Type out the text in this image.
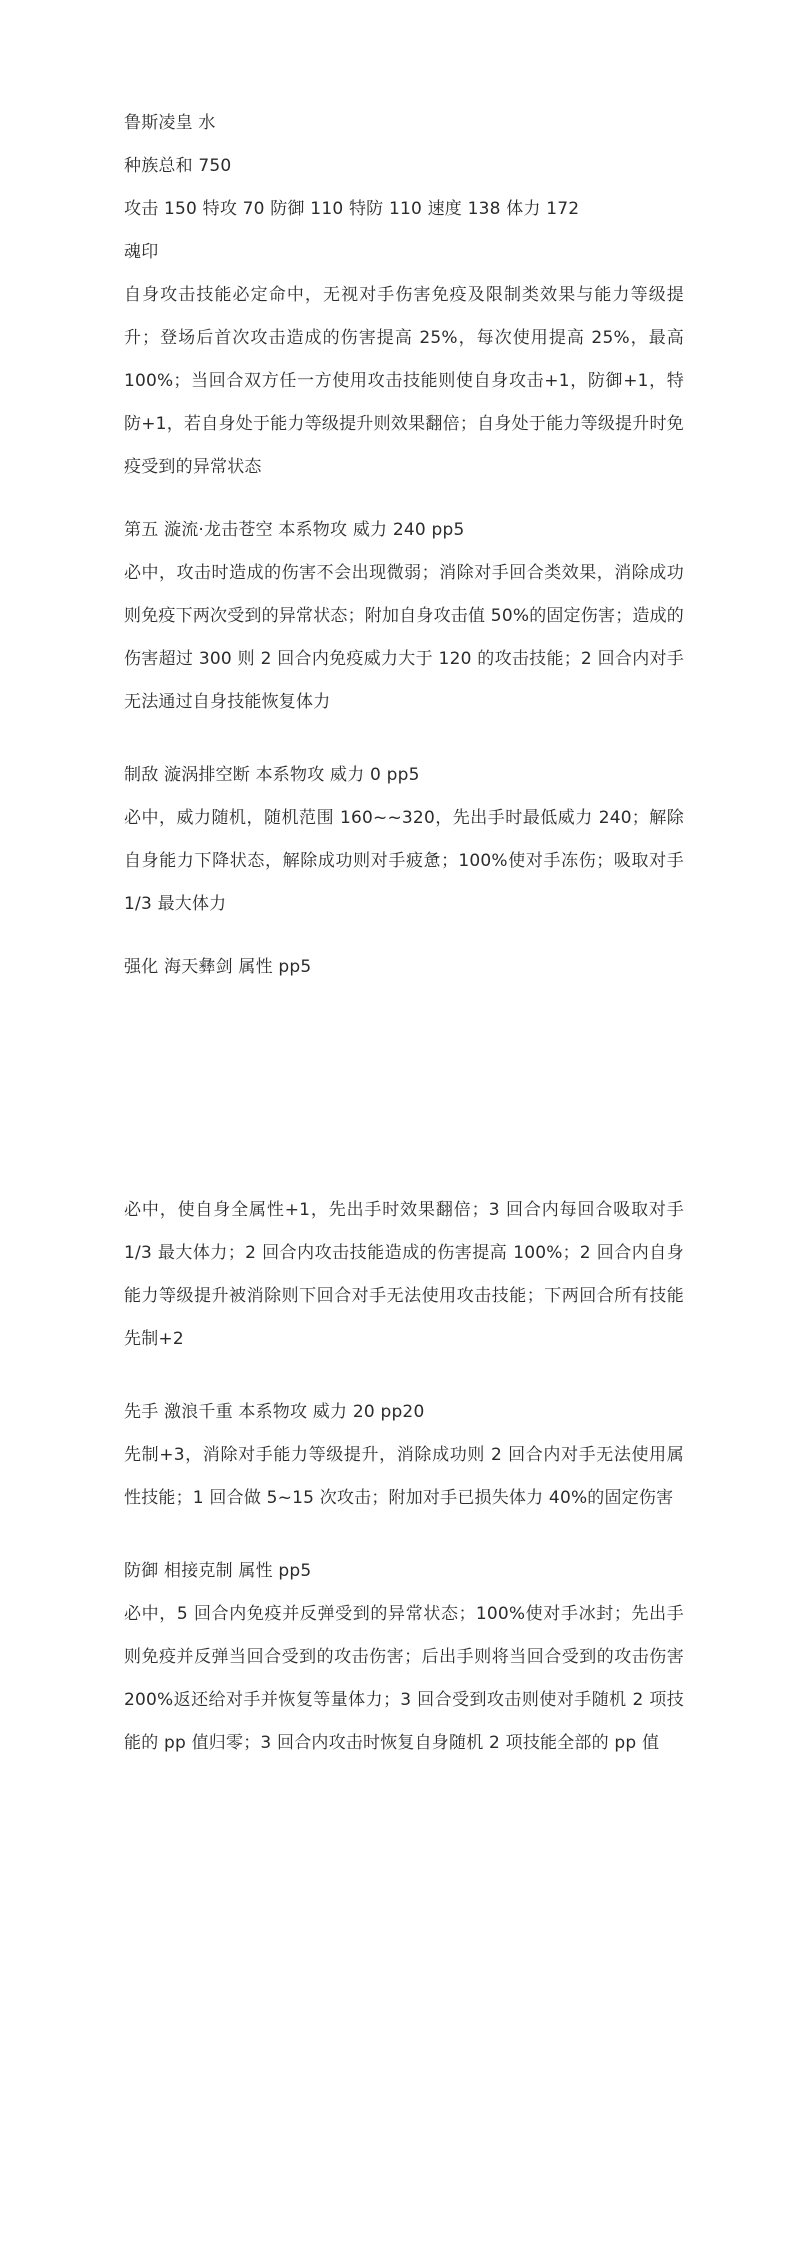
鲁斯凌皇 水
种族总和 750
攻击 150 特攻 70 防御 110 特防 110 速度 138 体力 172
魂印

自身攻击技能必定命中，无视对手伤害免疫及限制类效果与能力等级提升；登场后首次攻击造成的伤害提高 25%，每次使用提高 25%，最高 100%；当回合双方任一方使用攻击技能则使自身攻击+1，防御+1，特防+1，若自身处于能力等级提升则效果翻倍；自身处于能力等级提升时免疫受到的异常状态

第五 漩流·龙击苍空 本系物攻 威力 240 pp5

必中，攻击时造成的伤害不会出现微弱；消除对手回合类效果，消除成功则免疫下两次受到的异常状态；附加自身攻击值 50%的固定伤害；造成的伤害超过 300 则 2 回合内免疫威力大于 120 的攻击技能；2 回合内对手无法通过自身技能恢复体力

制敌 漩涡排空断 本系物攻 威力 0 pp5

必中，威力随机，随机范围 160~~320，先出手时最低威力 240；解除自身能力下降状态，解除成功则对手疲惫；100%使对手冻伤；吸取对手 1/3 最大体力

强化 海天彝剑 属性 pp5

必中，使自身全属性+1，先出手时效果翻倍；3 回合内每回合吸取对手 1/3 最大体力；2 回合内攻击技能造成的伤害提高 100%；2 回合内自身能力等级提升被消除则下回合对手无法使用攻击技能；下两回合所有技能先制+2

先手 激浪千重 本系物攻 威力 20 pp20

先制+3，消除对手能力等级提升，消除成功则 2 回合内对手无法使用属性技能；1 回合做 5~15 次攻击；附加对手已损失体力 40%的固定伤害

防御 相接克制 属性 pp5

必中，5 回合内免疫并反弹受到的异常状态；100%使对手冰封；先出手则免疫并反弹当回合受到的攻击伤害；后出手则将当回合受到的攻击伤害 200%返还给对手并恢复等量体力；3 回合受到攻击则使对手随机 2 项技能的 pp 值归零；3 回合内攻击时恢复自身随机 2 项技能全部的 pp 值
